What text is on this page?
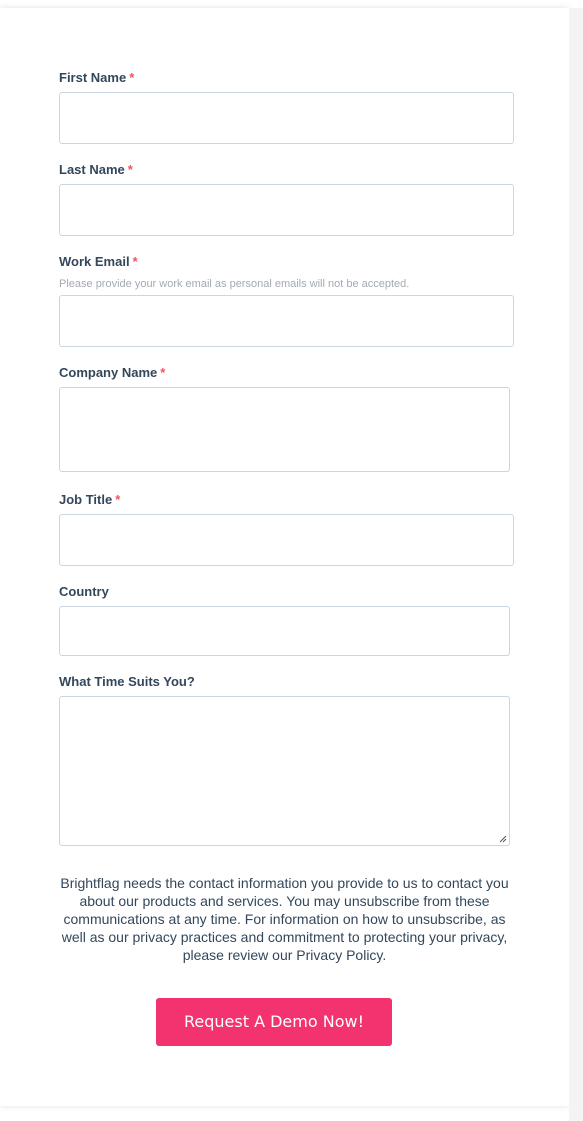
First Name *
Last Name *
Work Email *
Please provide your work email as personal emails will not be accepted.
Company Name *
Job Title *
Country
What Time Suits You?

Brightflag needs the contact information you provide to us to contact you about our products and services. You may unsubscribe from these communications at any time. For information on how to unsubscribe, as well as our privacy practices and commitment to protecting your privacy, please review our Privacy Policy.

Request A Demo Now!
